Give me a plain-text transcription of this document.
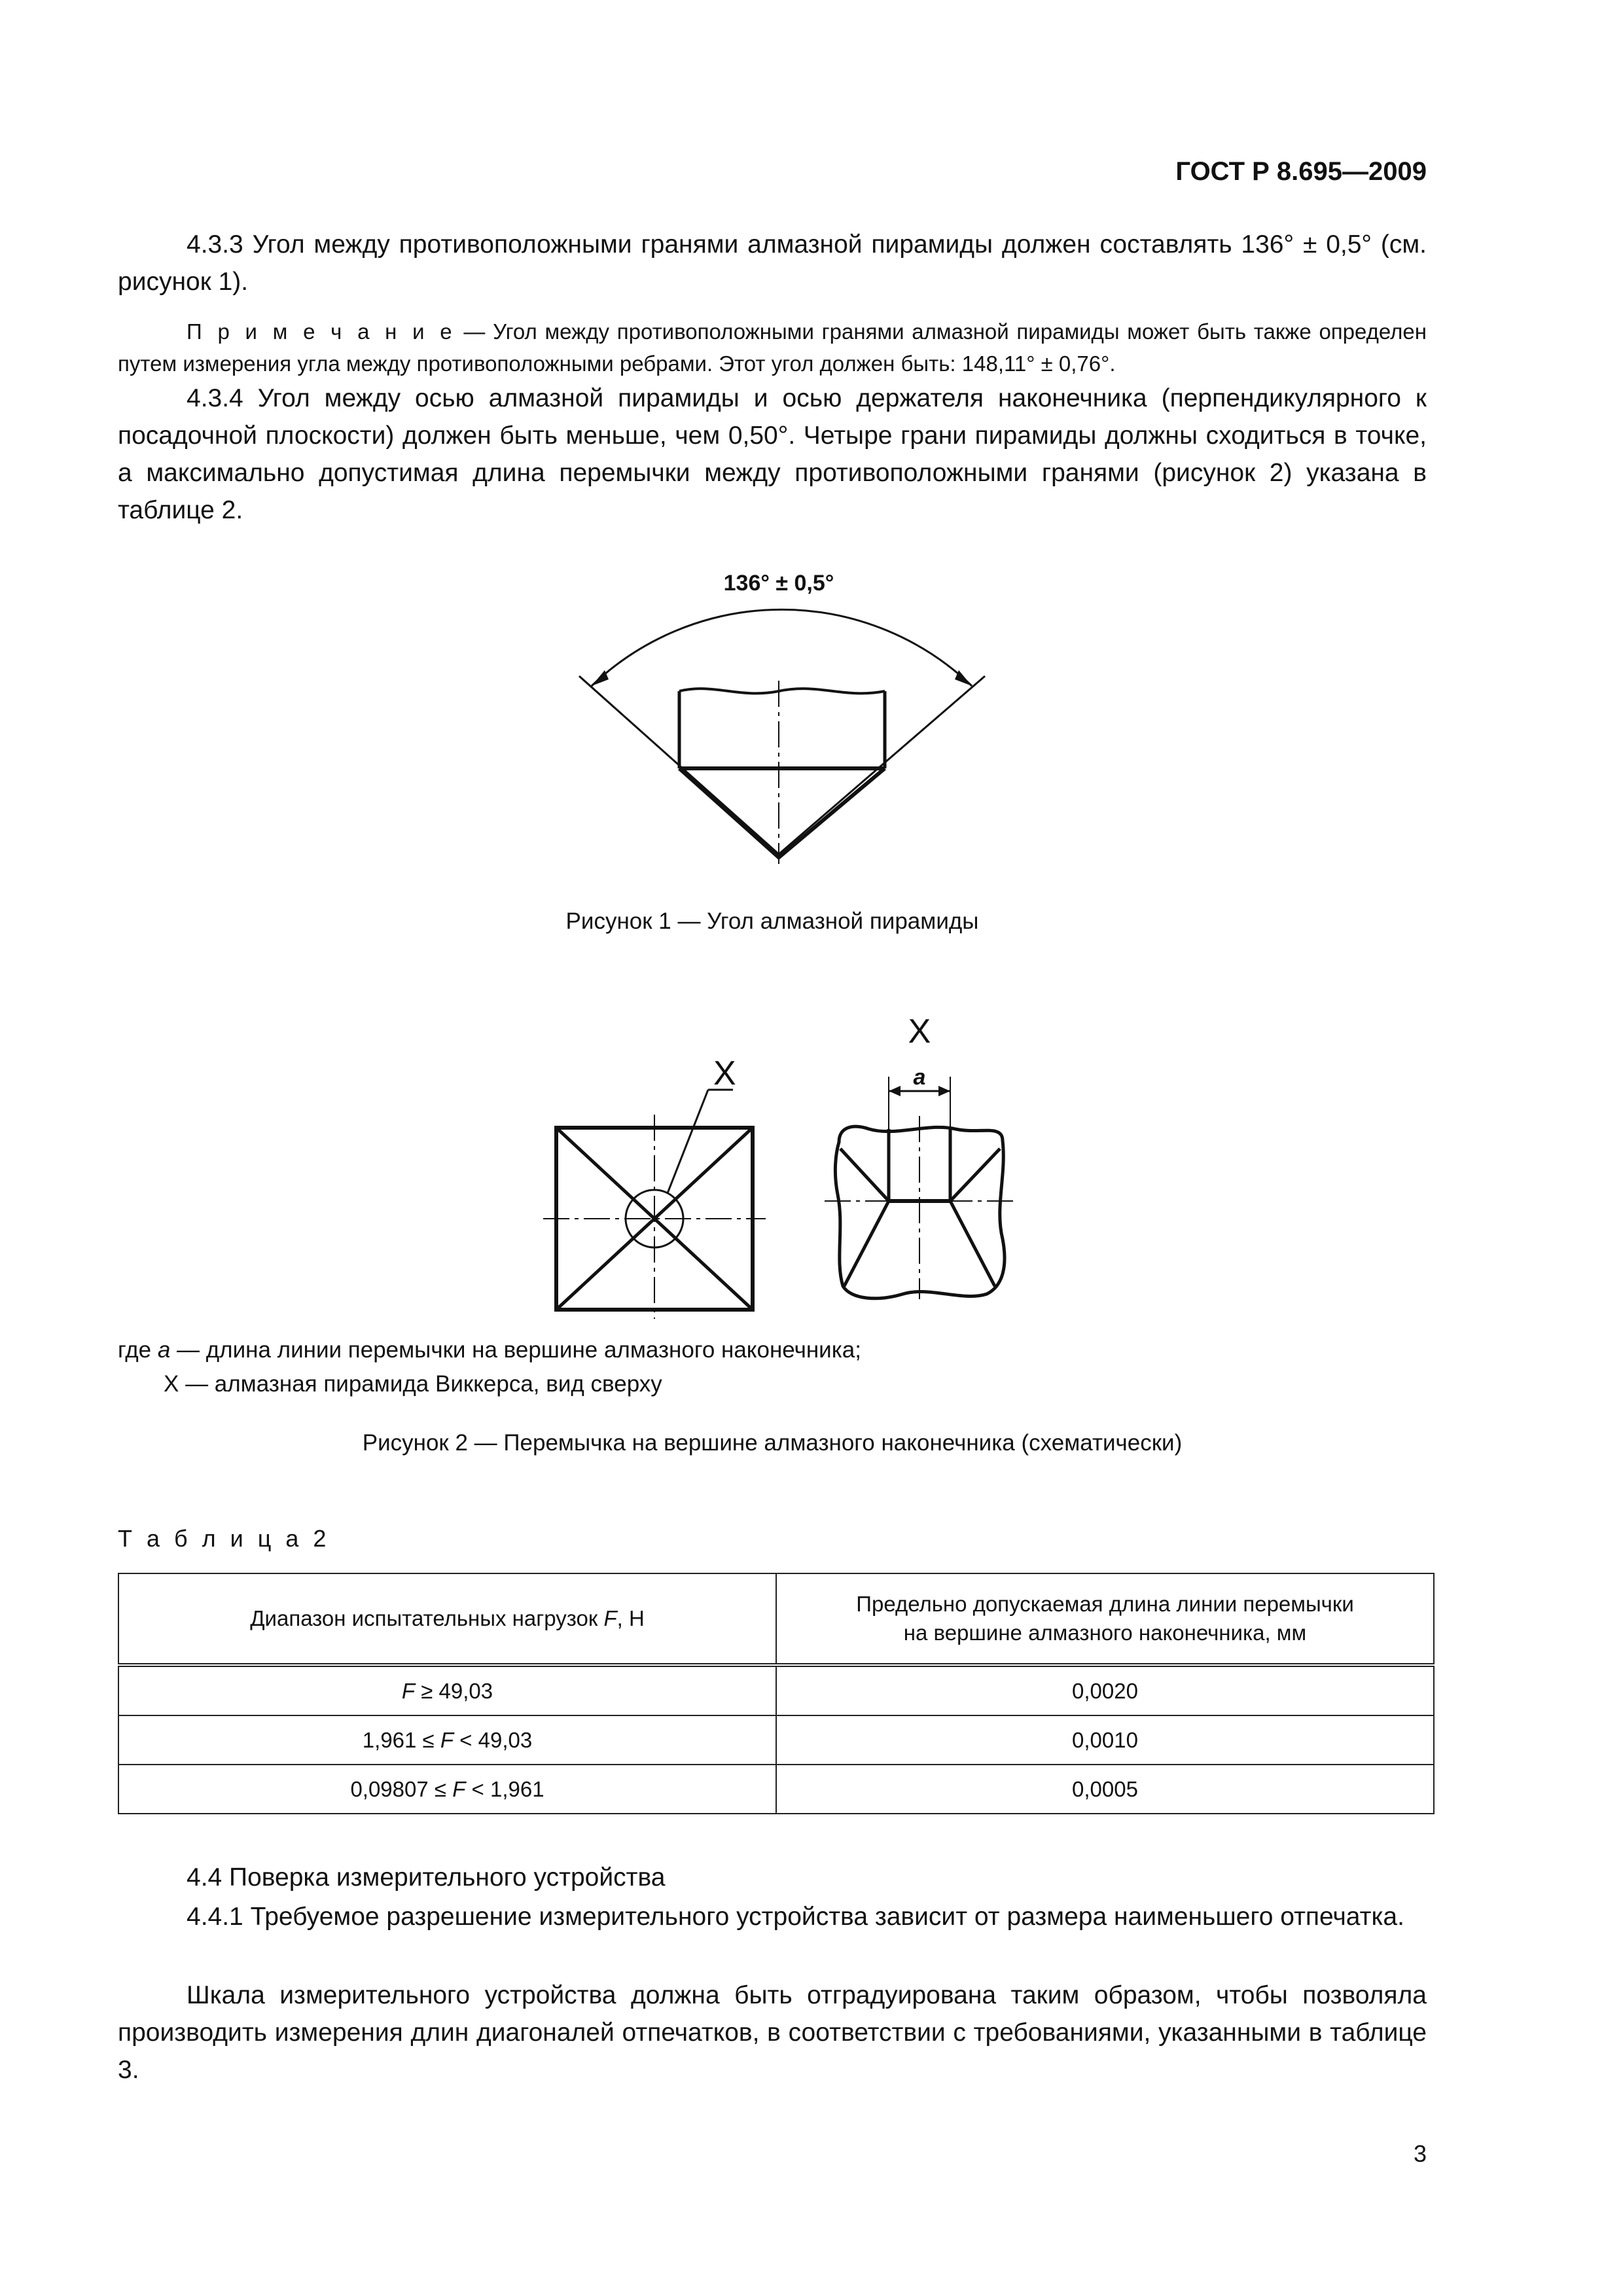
ГОСТ Р 8.695—2009
4.3.3 Угол между противоположными гранями алмазной пирамиды должен составлять 136° ± 0,5° (см. рисунок 1).
П р и м е ч а н и е — Угол между противоположными гранями алмазной пирамиды может быть также определен путем измерения угла между противоположными ребрами. Этот угол должен быть: 148,11° ± 0,76°.
4.3.4 Угол между осью алмазной пирамиды и осью держателя наконечника (перпендикулярного к посадочной плоскости) должен быть меньше, чем 0,50°. Четыре грани пирамиды должны сходиться в точке, а максимально допустимая длина перемычки между противоположными гранями (рисунок 2) указана в таблице 2.
136° ± 0,5°
Рисунок 1 — Угол алмазной пирамиды
X
X
a
где a — длина линии перемычки на вершине алмазного наконечника;
X — алмазная пирамида Виккерса, вид сверху
Рисунок 2 — Перемычка на вершине алмазного наконечника (схематически)
Т а б л и ц а 2
Диапазон испытательных нагрузок F, Н	Предельно допускаемая длина линии перемычки
на вершине алмазного наконечника, мм
F ≥ 49,03	0,0020
1,961 ≤ F < 49,03	0,0010
0,09807 ≤ F < 1,961	0,0005
4.4 Поверка измерительного устройства
4.4.1 Требуемое разрешение измерительного устройства зависит от размера наименьшего отпечатка.
Шкала измерительного устройства должна быть отградуирована таким образом, чтобы позволяла производить измерения длин диагоналей отпечатков, в соответствии с требованиями, указанными в таблице 3.
3
